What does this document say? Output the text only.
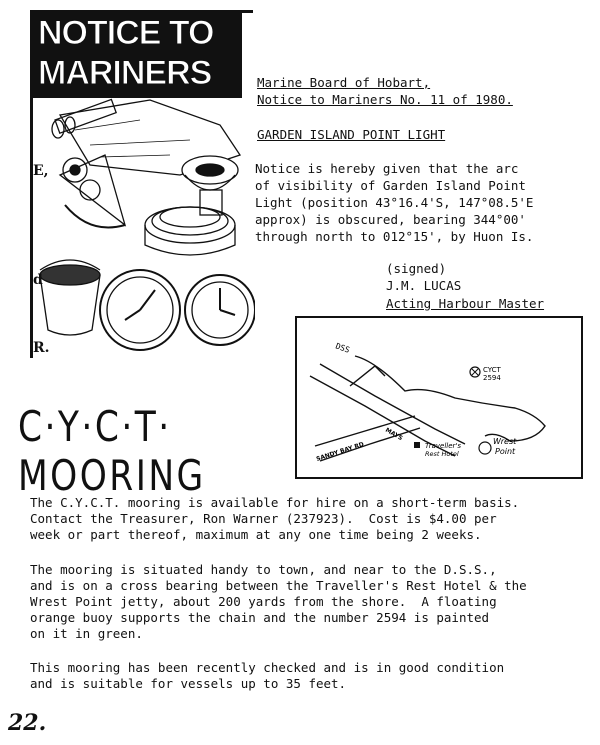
NOTICE TO
MARINERS
E,
d
R.
Marine Board of Hobart,
Notice to Mariners No. 11 of 1980.
GARDEN ISLAND POINT LIGHT
Notice is hereby given that the arc
of visibility of Garden Island Point
Light (position 43°16.4'S, 147°08.5'E
approx) is obscured, bearing 344°00'
through north to 012°15', by Huon Is.
(signed)
J.M. LUCAS
Acting Harbour Master
DSS
CYCT
2594
Traveller's
Rest Hotel
Wrest
Point
SANDY BAY RD
MAYS
C·Y·C·T· MOORING
The C.Y.C.T. mooring is available for hire on a short-term basis.
Contact the Treasurer, Ron Warner (237923).  Cost is $4.00 per
week or part thereof, maximum at any one time being 2 weeks.
The mooring is situated handy to town, and near to the D.S.S.,
and is on a cross bearing between the Traveller's Rest Hotel & the
Wrest Point jetty, about 200 yards from the shore.  A floating
orange buoy supports the chain and the number 2594 is painted
on it in green.
This mooring has been recently checked and is in good condition
and is suitable for vessels up to 35 feet.
22.
